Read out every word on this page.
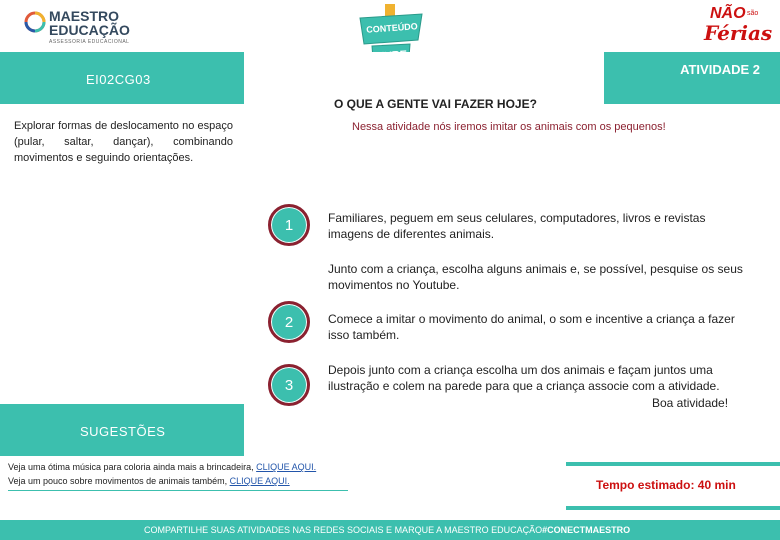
MAESTRO
EDUCAÇÃO
ASSESSORIA EDUCACIONAL
CONTEÚDO
NÃO são
Férias
EI02CG03
ATIVIDADE 2
Explorar formas de deslocamento no espaço (pular, saltar, dançar), combinando movimentos e seguindo orientações.
O QUE A GENTE VAI FAZER HOJE?
Nessa atividade nós iremos imitar os animais com os pequenos!
1	Familiares, peguem em seus celulares, computadores, livros e revistas imagens de diferentes animais.
Junto com a criança, escolha alguns animais e, se possível, pesquise os seus movimentos no Youtube.
2	Comece a imitar o movimento do animal, o som e incentive a criança a fazer isso também.
3
Depois junto com a criança escolha um dos animais e façam juntos uma ilustração e colem na parede para que a criança associe com a atividade.
Boa atividade!
SUGESTÕES
Veja uma ótima música para coloria ainda mais a brincadeira, CLIQUE AQUI.
Veja um pouco sobre movimentos de animais também, CLIQUE AQUI.	Tempo estimado: 40 min
COMPARTILHE SUAS ATIVIDADES NAS REDES SOCIAIS E MARQUE A MAESTRO EDUCAÇÃO#CONECTMAESTRO
